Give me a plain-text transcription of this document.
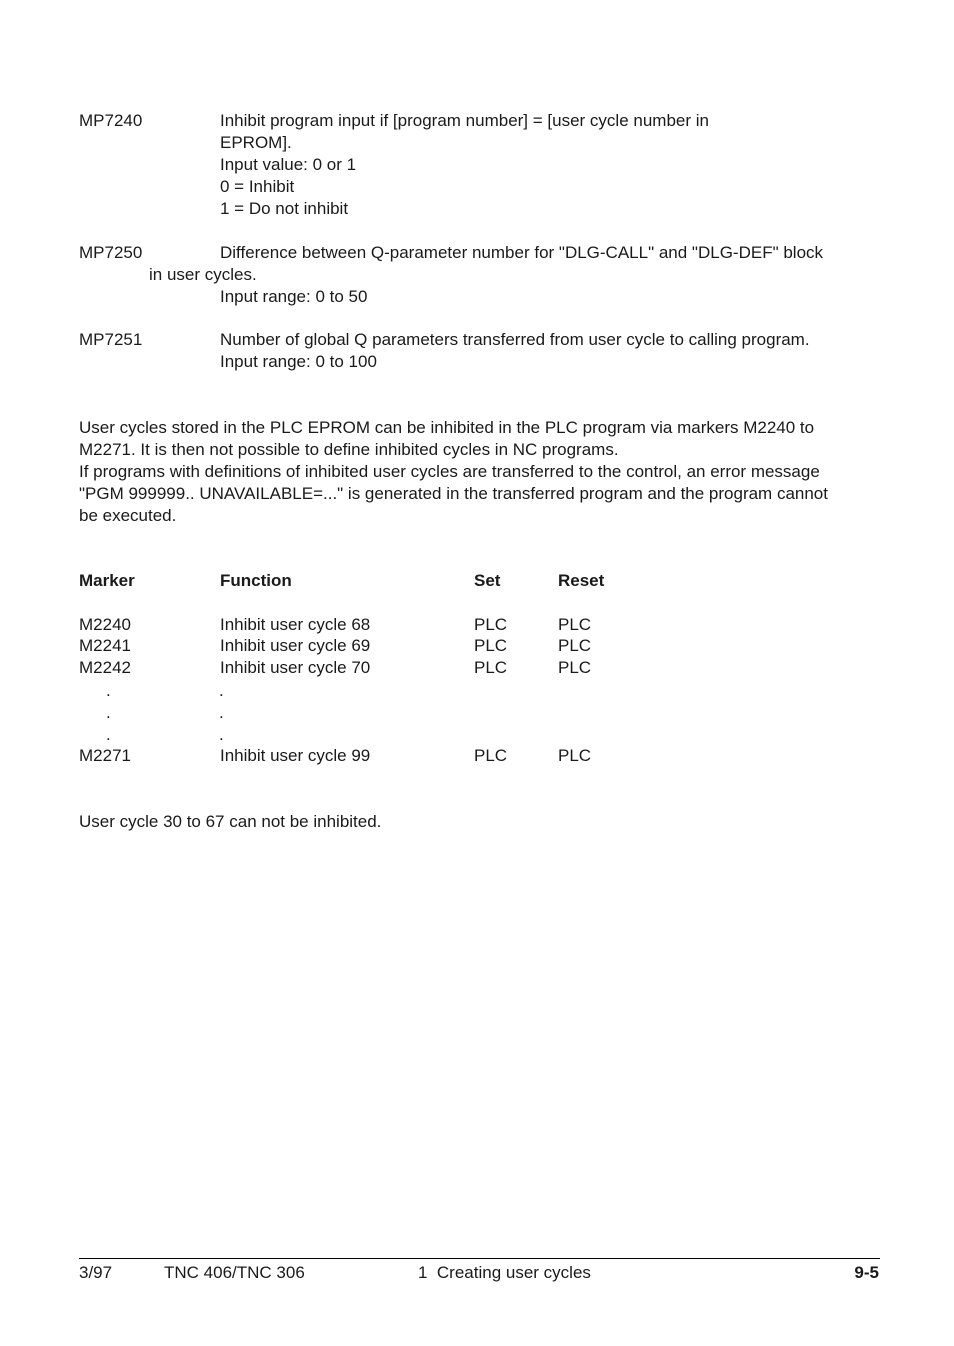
MP7240	Inhibit program input if [program number] = [user cycle number in
EPROM].
Input value: 0 or 1
0 = Inhibit
1 = Do not inhibit
MP7250	Difference between Q-parameter number for "DLG-CALL" and "DLG-DEF" block
in user cycles.
Input range: 0 to 50
MP7251	Number of global Q parameters transferred from user cycle to calling program.
Input range: 0 to 100
User cycles stored in the PLC EPROM can be inhibited in the PLC program via markers M2240 to
M2271. It is then not possible to define inhibited cycles in NC programs.
If programs with definitions of inhibited user cycles are transferred to the control, an error message
"PGM 999999.. UNAVAILABLE=..." is generated in the transferred program and the program cannot
be executed.
Marker	Function	Set	Reset
M2240	Inhibit user cycle 68	PLC	PLC
M2241	Inhibit user cycle 69	PLC	PLC
M2242	Inhibit user cycle 70	PLC	PLC
.	.
.	.
.	.
M2271	Inhibit user cycle 99	PLC	PLC
User cycle 30 to 67 can not be inhibited.
3/97	TNC 406/TNC 306	1  Creating user cycles	9-5
